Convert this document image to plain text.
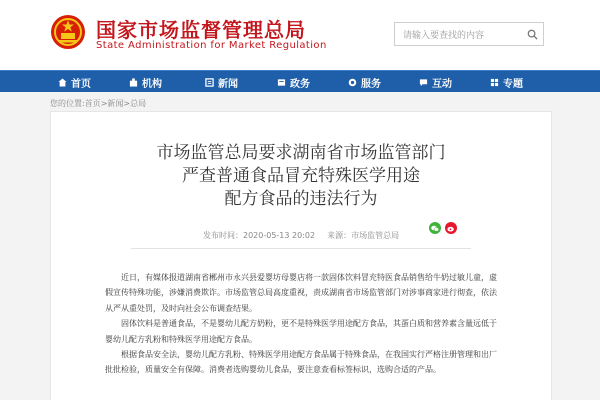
国家市场监督管理总局
State Administration for Market Regulation
请输入要查找的内容
首页	机构	新闻	政务	服务	互动	专题
您的位置:首页>新闻>总局
市场监管总局要求湖南省市场监管部门
严查普通食品冒充特殊医学用途
配方食品的违法行为
发布时间：2020-05-13 20:02 来源：市场监管总局

近日，有媒体报道湖南省郴州市永兴县爱婴坊母婴店将一款固体饮料冒充特医食品销售给牛奶过敏儿童，虚假宣传特殊功能，涉嫌消费欺诈。市场监管总局高度重视，责成湖南省市场监管部门对涉事商家进行彻查，依法从严从重处罚，及时向社会公布调查结果。

固体饮料是普通食品，不是婴幼儿配方奶粉，更不是特殊医学用途配方食品，其蛋白质和营养素含量远低于婴幼儿配方乳粉和特殊医学用途配方食品。

根据食品安全法，婴幼儿配方乳粉、特殊医学用途配方食品属于特殊食品，在我国实行严格注册管理和出厂批批检验，质量安全有保障。消费者选购婴幼儿食品，要注意查看标签标识，选购合适的产品。
